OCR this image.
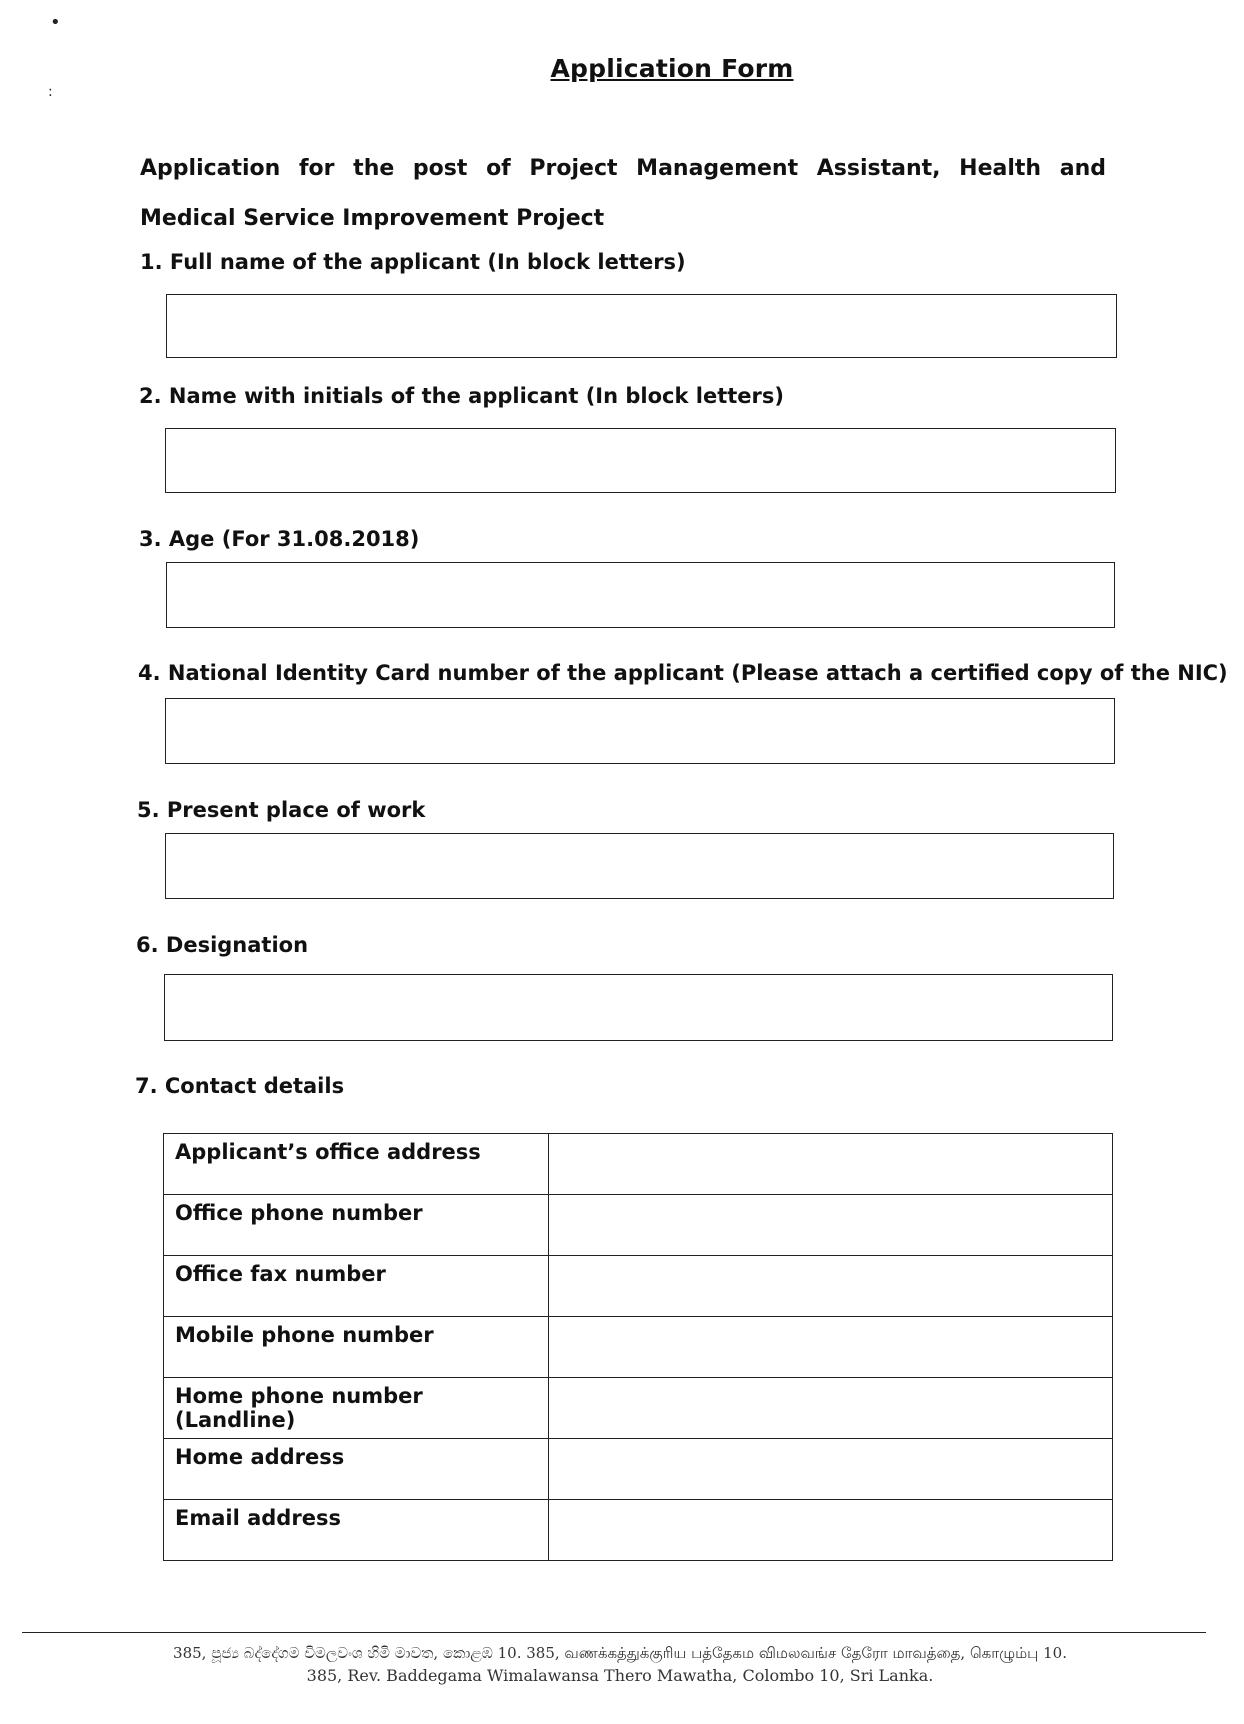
•
:
Application Form
Application for the post of Project Management Assistant, Health and Medical Service Improvement Project
1. Full name of the applicant (In block letters)
2. Name with initials of the applicant (In block letters)
3. Age (For 31.08.2018)
4. National Identity Card number of the applicant (Please attach a certified copy of the NIC)
5. Present place of work
6. Designation
7. Contact details
Applicant’s office address	
Office phone number	
Office fax number	
Mobile phone number	
Home phone number (Landline)	
Home address	
Email address	
385, පූජ්‍ය බද්දේගම විමලවංශ හිමි මාවත, කොළඹ 10. 385, வணக்கத்துக்குரிய பத்தேகம விமலவங்ச தேரோ மாவத்தை, கொழும்பு 10.
385, Rev. Baddegama Wimalawansa Thero Mawatha, Colombo 10, Sri Lanka.
